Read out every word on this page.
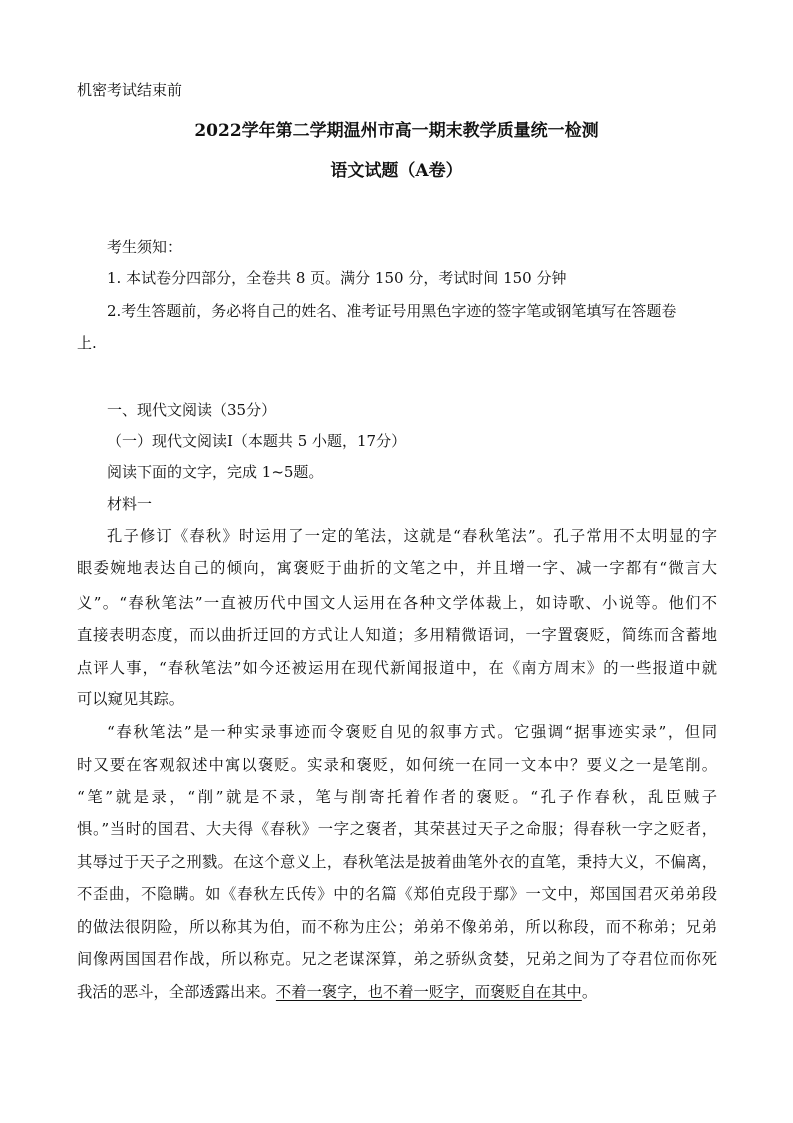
机密考试结束前
2022学年第二学期温州市高一期末教学质量统一检测
语文试题（A卷）
考生须知：
1. 本试卷分四部分，全卷共 8 页。满分 150 分，考试时间 150 分钟
2.考生答题前，务必将自己的姓名、准考证号用黑色字迹的签字笔或钢笔填写在答题卷
上.
一、现代文阅读（35分）
（一）现代文阅读Ⅰ（本题共 5 小题，17分）
阅读下面的文字，完成 1~5题。
材料一
孔子修订《春秋》时运用了一定的笔法，这就是“春秋笔法”。孔子常用不太明显的字
眼委婉地表达自己的倾向，寓褒贬于曲折的文笔之中，并且增一字、减一字都有“微言大
义”。“春秋笔法”一直被历代中国文人运用在各种文学体裁上，如诗歌、小说等。他们不
直接表明态度，而以曲折迂回的方式让人知道；多用精微语词，一字置褒贬，简练而含蓄地
点评人事，“春秋笔法”如今还被运用在现代新闻报道中，在《南方周末》的一些报道中就
可以窥见其踪。
“春秋笔法”是一种实录事迹而令褒贬自见的叙事方式。它强调“据事迹实录”，但同
时又要在客观叙述中寓以褒贬。实录和褒贬，如何统一在同一文本中？要义之一是笔削。
“笔”就是录，“削”就是不录，笔与削寄托着作者的褒贬。“孔子作春秋，乱臣贼子
惧。”当时的国君、大夫得《春秋》一字之褒者，其荣甚过天子之命服；得春秋一字之贬者，
其辱过于天子之刑戮。在这个意义上，春秋笔法是披着曲笔外衣的直笔，秉持大义，不偏离，
不歪曲，不隐瞒。如《春秋左氏传》中的名篇《郑伯克段于鄢》一文中，郑国国君灭弟弟段
的做法很阴险，所以称其为伯，而不称为庄公；弟弟不像弟弟，所以称段，而不称弟；兄弟
间像两国国君作战，所以称克。兄之老谋深算，弟之骄纵贪婪，兄弟之间为了夺君位而你死
我活的恶斗，全部透露出来。不着一褒字，也不着一贬字，而褒贬自在其中。
